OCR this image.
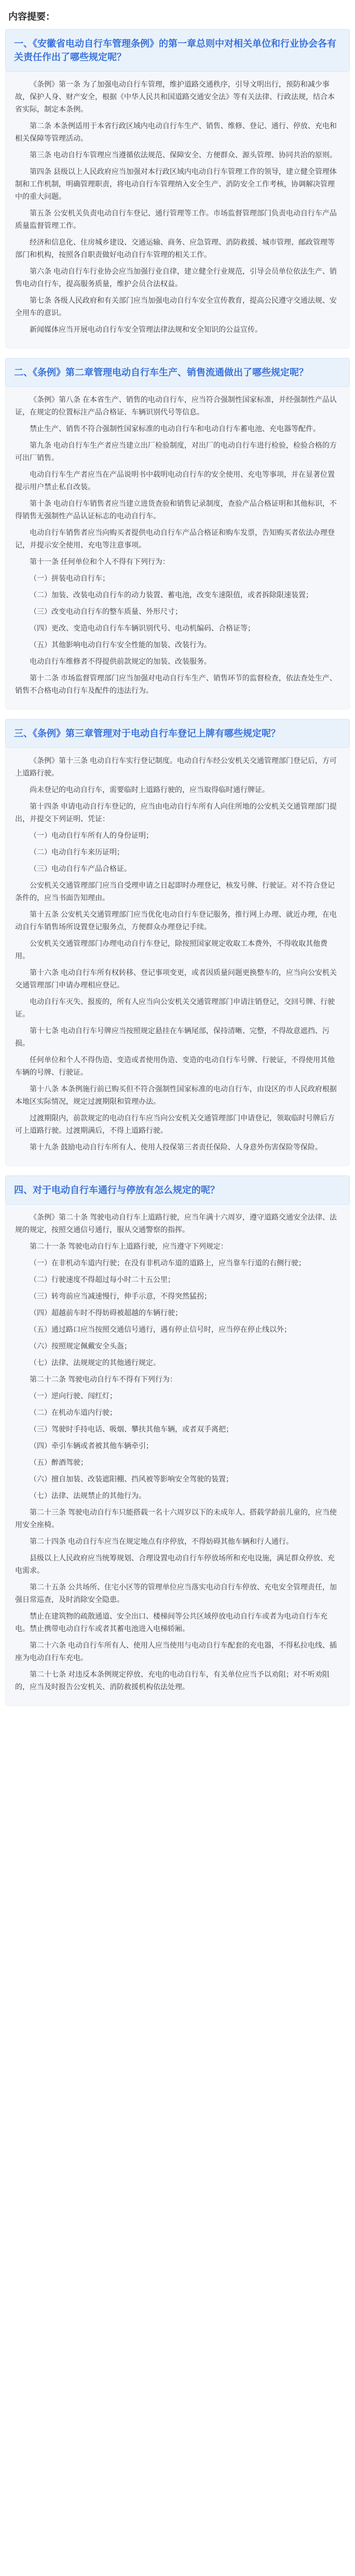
内容提要：
一、《安徽省电动自行车管理条例》的第一章总则中对相关单位和行业协会各有关责任作出了哪些规定呢？

《条例》第一条 为了加强电动自行车管理，维护道路交通秩序，引导文明出行，预防和减少事故，保护人身、财产安全，根据《中华人民共和国道路交通安全法》等有关法律、行政法规，结合本省实际，制定本条例。

第二条 本条例适用于本省行政区域内电动自行车生产、销售、维修、登记、通行、停放、充电和相关保障等管理活动。

第三条 电动自行车管理应当遵循依法规范、保障安全、方便群众、源头管理、协同共治的原则。

第四条 县级以上人民政府应当加强对本行政区域内电动自行车管理工作的领导，建立健全管理体制和工作机制，明确管理职责，将电动自行车管理纳入安全生产、消防安全工作考核，协调解决管理中的重大问题。

第五条 公安机关负责电动自行车登记、通行管理等工作。市场监督管理部门负责电动自行车产品质量监督管理工作。

经济和信息化、住房城乡建设、交通运输、商务、应急管理、消防救援、城市管理、邮政管理等部门和机构，按照各自职责做好电动自行车管理的相关工作。

第六条 电动自行车行业协会应当加强行业自律，建立健全行业规范，引导会员单位依法生产、销售电动自行车，提高服务质量，维护会员合法权益。

第七条 各级人民政府和有关部门应当加强电动自行车安全宣传教育，提高公民遵守交通法规、安全用车的意识。

新闻媒体应当开展电动自行车安全管理法律法规和安全知识的公益宣传。

二、《条例》第二章管理电动自行车生产、销售流通做出了哪些规定呢？

《条例》第八条 在本省生产、销售的电动自行车，应当符合强制性国家标准，并经强制性产品认证，在规定的位置标注产品合格证、车辆识别代号等信息。

禁止生产、销售不符合强制性国家标准的电动自行车和电动自行车蓄电池、充电器等配件。

第九条 电动自行车生产者应当建立出厂检验制度，对出厂的电动自行车进行检验，检验合格的方可出厂销售。

电动自行车生产者应当在产品说明书中载明电动自行车的安全使用、充电等事项，并在显著位置提示用户禁止私自改装。

第十条 电动自行车销售者应当建立进货查验和销售记录制度，查验产品合格证明和其他标识，不得销售无强制性产品认证标志的电动自行车。

电动自行车销售者应当向购买者提供电动自行车产品合格证和购车发票，告知购买者依法办理登记，并提示安全使用、充电等注意事项。

第十一条 任何单位和个人不得有下列行为：

（一）拼装电动自行车；

（二）加装、改装电动自行车的动力装置、蓄电池，改变车速限值，或者拆除限速装置；

（三）改变电动自行车的整车质量、外形尺寸；

（四）更改、变造电动自行车车辆识别代号、电动机编码、合格证等；

（五）其他影响电动自行车安全性能的加装、改装行为。

电动自行车维修者不得提供前款规定的加装、改装服务。

第十二条 市场监督管理部门应当加强对电动自行车生产、销售环节的监督检查，依法查处生产、销售不合格电动自行车及配件的违法行为。

三、《条例》第三章管理对于电动自行车登记上牌有哪些规定呢？

《条例》第十三条 电动自行车实行登记制度。电动自行车经公安机关交通管理部门登记后，方可上道路行驶。

尚未登记的电动自行车，需要临时上道路行驶的，应当取得临时通行牌证。

第十四条 申请电动自行车登记的，应当由电动自行车所有人向住所地的公安机关交通管理部门提出，并提交下列证明、凭证：

（一）电动自行车所有人的身份证明；

（二）电动自行车来历证明；

（三）电动自行车产品合格证。

公安机关交通管理部门应当自受理申请之日起即时办理登记，核发号牌、行驶证。对不符合登记条件的，应当书面告知理由。

第十五条 公安机关交通管理部门应当优化电动自行车登记服务，推行网上办理、就近办理，在电动自行车销售场所设置登记服务点，方便群众办理登记手续。

公安机关交通管理部门办理电动自行车登记，除按照国家规定收取工本费外，不得收取其他费用。

第十六条 电动自行车所有权转移、登记事项变更，或者因质量问题更换整车的，应当向公安机关交通管理部门申请办理相应登记。

电动自行车灭失、报废的，所有人应当向公安机关交通管理部门申请注销登记，交回号牌、行驶证。

第十七条 电动自行车号牌应当按照规定悬挂在车辆尾部，保持清晰、完整，不得故意遮挡、污损。

任何单位和个人不得伪造、变造或者使用伪造、变造的电动自行车号牌、行驶证，不得使用其他车辆的号牌、行驶证。

第十八条 本条例施行前已购买但不符合强制性国家标准的电动自行车，由设区的市人民政府根据本地区实际情况，规定过渡期限和管理办法。

过渡期限内，前款规定的电动自行车应当向公安机关交通管理部门申请登记，领取临时号牌后方可上道路行驶。过渡期满后，不得上道路行驶。

第十九条 鼓励电动自行车所有人、使用人投保第三者责任保险、人身意外伤害保险等保险。

四、对于电动自行车通行与停放有怎么规定的呢？

《条例》第二十条 驾驶电动自行车上道路行驶，应当年满十六周岁，遵守道路交通安全法律、法规的规定，按照交通信号通行，服从交通警察的指挥。

第二十一条 驾驶电动自行车上道路行驶，应当遵守下列规定：

（一）在非机动车道内行驶；在没有非机动车道的道路上，应当靠车行道的右侧行驶；

（二）行驶速度不得超过每小时二十五公里；

（三）转弯前应当减速慢行，伸手示意，不得突然猛拐；

（四）超越前车时不得妨碍被超越的车辆行驶；

（五）通过路口应当按照交通信号通行，遇有停止信号时，应当停在停止线以外；

（六）按照规定佩戴安全头盔；

（七）法律、法规规定的其他通行规定。

第二十二条 驾驶电动自行车不得有下列行为：

（一）逆向行驶、闯红灯；

（二）在机动车道内行驶；

（三）驾驶时手持电话、吸烟、攀扶其他车辆，或者双手离把；

（四）牵引车辆或者被其他车辆牵引；

（五）醉酒驾驶；

（六）擅自加装、改装遮阳棚、挡风被等影响安全驾驶的装置；

（七）法律、法规禁止的其他行为。

第二十三条 驾驶电动自行车只能搭载一名十六周岁以下的未成年人。搭载学龄前儿童的，应当使用安全座椅。

第二十四条 电动自行车应当在规定地点有序停放，不得妨碍其他车辆和行人通行。

县级以上人民政府应当统筹规划、合理设置电动自行车停放场所和充电设施，满足群众停放、充电需求。

第二十五条 公共场所、住宅小区等的管理单位应当落实电动自行车停放、充电安全管理责任，加强日常巡查，及时消除安全隐患。

禁止在建筑物的疏散通道、安全出口、楼梯间等公共区域停放电动自行车或者为电动自行车充电。禁止携带电动自行车或者其蓄电池进入电梯轿厢。

第二十六条 电动自行车所有人、使用人应当使用与电动自行车配套的充电器，不得私拉电线、插座为电动自行车充电。

第二十七条 对违反本条例规定停放、充电的电动自行车，有关单位应当予以劝阻；对不听劝阻的，应当及时报告公安机关、消防救援机构依法处理。
